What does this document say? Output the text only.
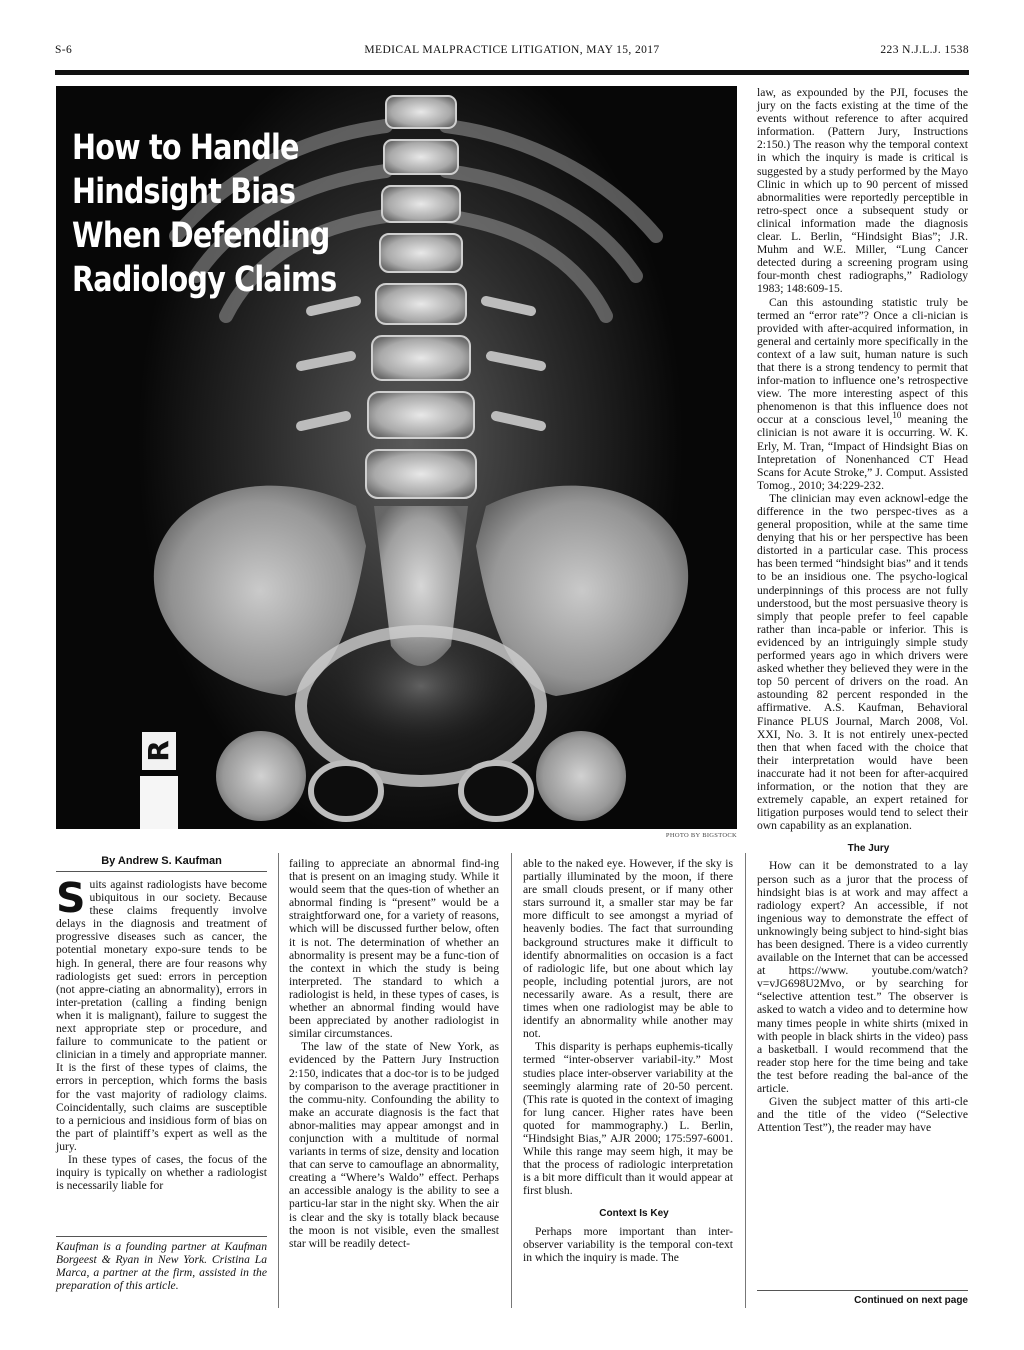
S-6	MEDICAL MALPRACTICE LITIGATION, MAY 15, 2017	223 N.J.L.J. 1538
How to Handle Hindsight Bias When Defending Radiology Claims
R
PHOTO BY BIGSTOCK
By Andrew S. Kaufman

Suits against radiologists have become ubiquitous in our society. Because these claims frequently involve delays in the diagnosis and treatment of progressive diseases such as cancer, the potential monetary expo-sure tends to be high. In general, there are four reasons why radiologists get sued: errors in perception (not appre-ciating an abnormality), errors in inter-pretation (calling a finding benign when it is malignant), failure to suggest the next appropriate step or procedure, and failure to communicate to the patient or clinician in a timely and appropriate manner. It is the first of these types of claims, the errors in perception, which forms the basis for the vast majority of radiology claims. Coincidentally, such claims are susceptible to a pernicious and insidious form of bias on the part of plaintiff’s expert as well as the jury.

In these types of cases, the focus of the inquiry is typically on whether a radiologist is necessarily liable for

Kaufman is a founding partner at Kaufman Borgeest & Ryan in New York. Cristina La Marca, a partner at the firm, assisted in the preparation of this article.

failing to appreciate an abnormal find-ing that is present on an imaging study. While it would seem that the ques-tion of whether an abnormal finding is “present” would be a straightforward one, for a variety of reasons, which will be discussed further below, often it is not. The determination of whether an abnormality is present may be a func-tion of the context in which the study is being interpreted. The standard to which a radiologist is held, in these types of cases, is whether an abnormal finding would have been appreciated by another radiologist in similar circumstances.

The law of the state of New York, as evidenced by the Pattern Jury Instruction 2:150, indicates that a doc-tor is to be judged by comparison to the average practitioner in the commu-nity. Confounding the ability to make an accurate diagnosis is the fact that abnor-malities may appear amongst and in conjunction with a multitude of normal variants in terms of size, density and location that can serve to camouflage an abnormality, creating a “Where’s Waldo” effect. Perhaps an accessible analogy is the ability to see a particu-lar star in the night sky. When the air is clear and the sky is totally black because the moon is not visible, even the smallest star will be readily detect-

able to the naked eye. However, if the sky is partially illuminated by the moon, if there are small clouds present, or if many other stars surround it, a smaller star may be far more difficult to see amongst a myriad of heavenly bodies. The fact that surrounding background structures make it difficult to identify abnormalities on occasion is a fact of radiologic life, but one about which lay people, including potential jurors, are not necessarily aware. As a result, there are times when one radiologist may be able to identify an abnormality while another may not.

This disparity is perhaps euphemis-tically termed “inter-observer variabil-ity.” Most studies place inter-observer variability at the seemingly alarming rate of 20-50 percent. (This rate is quoted in the context of imaging for lung cancer. Higher rates have been quoted for mammography.) L. Berlin, “Hindsight Bias,” AJR 2000; 175:597-6001. While this range may seem high, it may be that the process of radiologic interpretation is a bit more difficult than it would appear at first blush.

Context Is Key

Perhaps more important than inter-observer variability is the temporal con-text in which the inquiry is made. The

law, as expounded by the PJI, focuses the jury on the facts existing at the time of the events without reference to after acquired information. (Pattern Jury, Instructions 2:150.) The reason why the temporal context in which the inquiry is made is critical is suggested by a study performed by the Mayo Clinic in which up to 90 percent of missed abnormalities were reportedly perceptible in retro-spect once a subsequent study or clinical information made the diagnosis clear. L. Berlin, “Hindsight Bias”; J.R. Muhm and W.E. Miller, “Lung Cancer detected during a screening program using four-month chest radiographs,” Radiology 1983; 148:609-15.

Can this astounding statistic truly be termed an “error rate”? Once a cli-nician is provided with after-acquired information, in general and certainly more specifically in the context of a law suit, human nature is such that there is a strong tendency to permit that infor-mation to influence one’s retrospective view. The more interesting aspect of this phenomenon is that this influence does not occur at a conscious level,$^{10}$ meaning the clinician is not aware it is occurring. W. K. Erly, M. Tran, “Impact of Hindsight Bias on Intepretation of Nonenhanced CT Head Scans for Acute Stroke,” J. Comput. Assisted Tomog., 2010; 34:229-232.

The clinician may even acknowl-edge the difference in the two perspec-tives as a general proposition, while at the same time denying that his or her perspective has been distorted in a particular case. This process has been termed “hindsight bias” and it tends to be an insidious one. The psycho-logical underpinnings of this process are not fully understood, but the most persuasive theory is simply that people prefer to feel capable rather than inca-pable or inferior. This is evidenced by an intriguingly simple study performed years ago in which drivers were asked whether they believed they were in the top 50 percent of drivers on the road. An astounding 82 percent responded in the affirmative. A.S. Kaufman, Behavioral Finance PLUS Journal, March 2008, Vol. XXI, No. 3. It is not entirely unex-pected then that when faced with the choice that their interpretation would have been inaccurate had it not been for after-acquired information, or the notion that they are extremely capable, an expert retained for litigation purposes would tend to select their own capability as an explanation.

The Jury

How can it be demonstrated to a lay person such as a juror that the process of hindsight bias is at work and may affect a radiology expert? An accessible, if not ingenious way to demonstrate the effect of unknowingly being subject to hind-sight bias has been designed. There is a video currently available on the Internet that can be accessed at https://www. youtube.com/watch?v=vJG698U2Mvo, or by searching for “selective attention test.” The observer is asked to watch a video and to determine how many times people in white shirts (mixed in with people in black shirts in the video) pass a basketball. I would recommend that the reader stop here for the time being and take the test before reading the bal-ance of the article.

Given the subject matter of this arti-cle and the title of the video (“Selective Attention Test”), the reader may have

Continued on next page
